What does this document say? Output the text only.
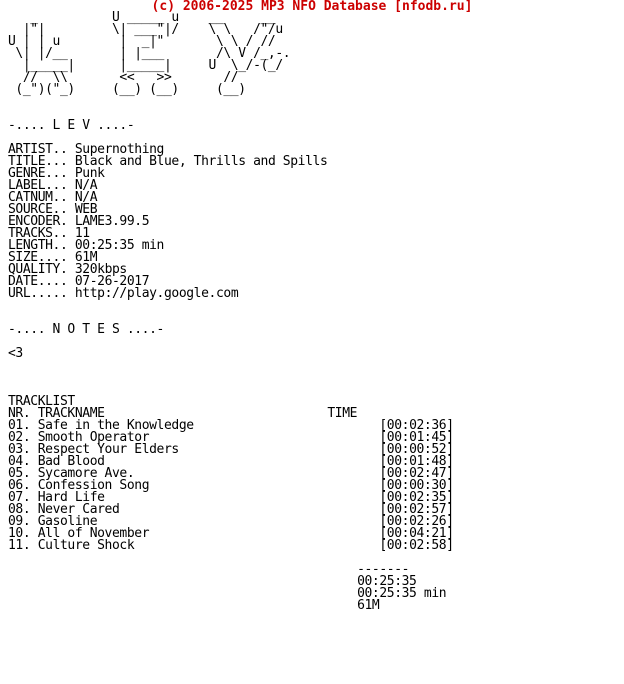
(c) 2006-2025 MP3 NFO Database [nfodb.ru]
_          U _____ u    __     __
|"|         \| ___"|/    \ \   /"/u
U | | u        |  _|"       \ \ / //
\| |/__       | |___       /\ V /_,-.
|_____|      |_____|     U  \_/-(_/
//  \\       <<   >>       //
(_")("_)     (__) (__)     (__)

-.... L E V ....-

ARTIST.. Supernothing
TITLE... Black and Blue, Thrills and Spills
GENRE... Punk
LABEL... N/A
CATNUM.. N/A
SOURCE.. WEB
ENCODER. LAME3.99.5
TRACKS.. 11
LENGTH.. 00:25:35 min
SIZE.... 61M
QUALITY. 320kbps
DATE.... 07-26-2017
URL..... http://play.google.com

-.... N O T E S ....-

<3

TRACKLIST
NR. TRACKNAME	TIME
01. Safe in the Knowledge	[00:02:36]
02. Smooth Operator	[00:01:45]
03. Respect Your Elders	[00:00:52]
04. Bad Blood	[00:01:48]
05. Sycamore Ave.	[00:02:47]
06. Confession Song	[00:00:30]
07. Hard Life	[00:02:35]
08. Never Cared	[00:02:57]
09. Gasoline	[00:02:26]
10. All of November	[00:04:21]
11. Culture Shock	[00:02:58]

-------
00:25:35
00:25:35 min
61M
